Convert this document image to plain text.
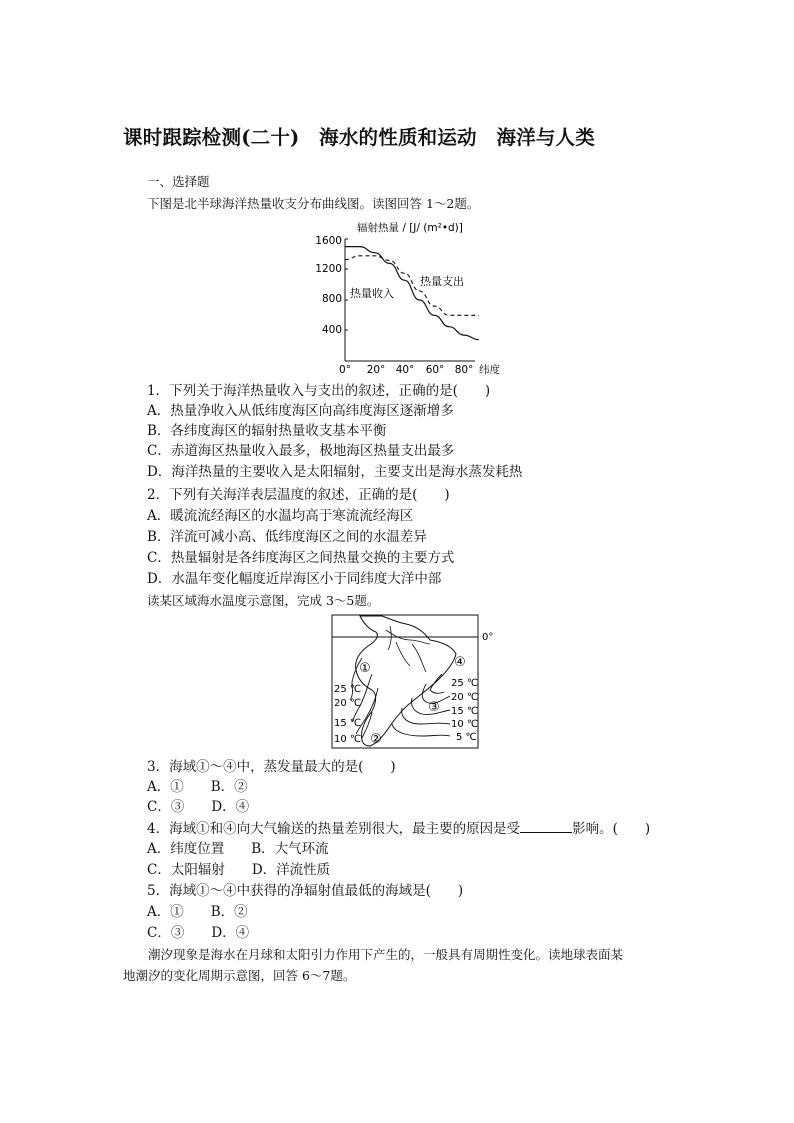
课时跟踪检测(二十)　海水的性质和运动　海洋与人类
一、选择题
下图是北半球海洋热量收支分布曲线图。读图回答 1～2题。
辐射热量 / [J/ (m²•d)]
1600
1200
800
400
0° 20° 40° 60° 80° 纬度
热量收入
热量支出
1．下列关于海洋热量收入与支出的叙述，正确的是(　　)
A．热量净收入从低纬度海区向高纬度海区逐渐增多
B．各纬度海区的辐射热量收支基本平衡
C．赤道海区热量收入最多，极地海区热量支出最多
D．海洋热量的主要收入是太阳辐射，主要支出是海水蒸发耗热
2．下列有关海洋表层温度的叙述，正确的是(　　)
A．暖流流经海区的水温均高于寒流流经海区
B．洋流可减小高、低纬度海区之间的水温差异
C．热量辐射是各纬度海区之间热量交换的主要方式
D．水温年变化幅度近岸海区小于同纬度大洋中部
读某区域海水温度示意图，完成 3～5题。
0°
①
②
③
④
25 ℃
20 ℃
15 ℃
10 ℃
25 ℃
20 ℃
15 ℃
10 ℃
5 ℃
3．海域①～④中，蒸发量最大的是(　　)
A．①　　B．②
C．③　　D．④
4．海域①和④向大气输送的热量差别很大，最主要的原因是受	影响。(　　)
A．纬度位置　　B．大气环流
C．太阳辐射　　D．洋流性质
5．海域①～④中获得的净辐射值最低的海域是(　　)
A．①　　B．②
C．③　　D．④
　　潮汐现象是海水在月球和太阳引力作用下产生的，一般具有周期性变化。读地球表面某
地潮汐的变化周期示意图，回答 6～7题。
